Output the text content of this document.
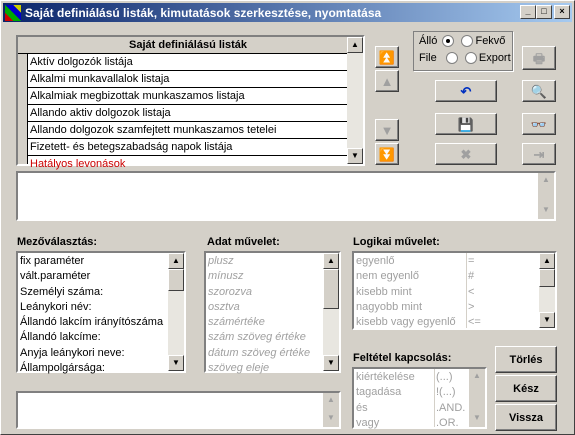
Saját definiálású listák, kimutatások szerkesztése, nyomtatása	_	□	×
Saját definiálású listák
Aktív dolgozók listája
Alkalmi munkavallalok listaja
Alkalmiak megbizottak munkaszamos listaja
Allando aktiv dolgozok listaja
Allando dolgozok szamfejtett munkaszamos tetelei
Fizetett- és betegszabadság napok listája
Hatályos levonások
▲
▼
⏫
▲
▼
⏬
Álló	Fekvő
File	Export 🖶
↶	🔍
💾	👓
✖	⇥
▲
▼
Mezőválasztás:	Adat művelet:	Logikai művelet:
fix paraméter
vált.paraméter
Személyi száma:
Leánykori név:
Állandó lakcím irányítószáma
Állandó lakcíme:
Anyja leánykori neve:
Állampolgársága:
▲
▼
plusz
mínusz
szorozva
osztva
számértéke
szám szöveg értéke
dátum szöveg értéke
szöveg eleje
▲
▼
egyenlő	=
nem egyenlő	#
kisebb mint	<
nagyobb mint	>
kisebb vagy egyenlő <=
▲
▼
Feltétel kapcsolás:
kiértékelése (...)
tagadása	!(...)
és	.AND.
vagy	.OR.
▲
▼
▲
▼
Törlés
Kész
Vissza
